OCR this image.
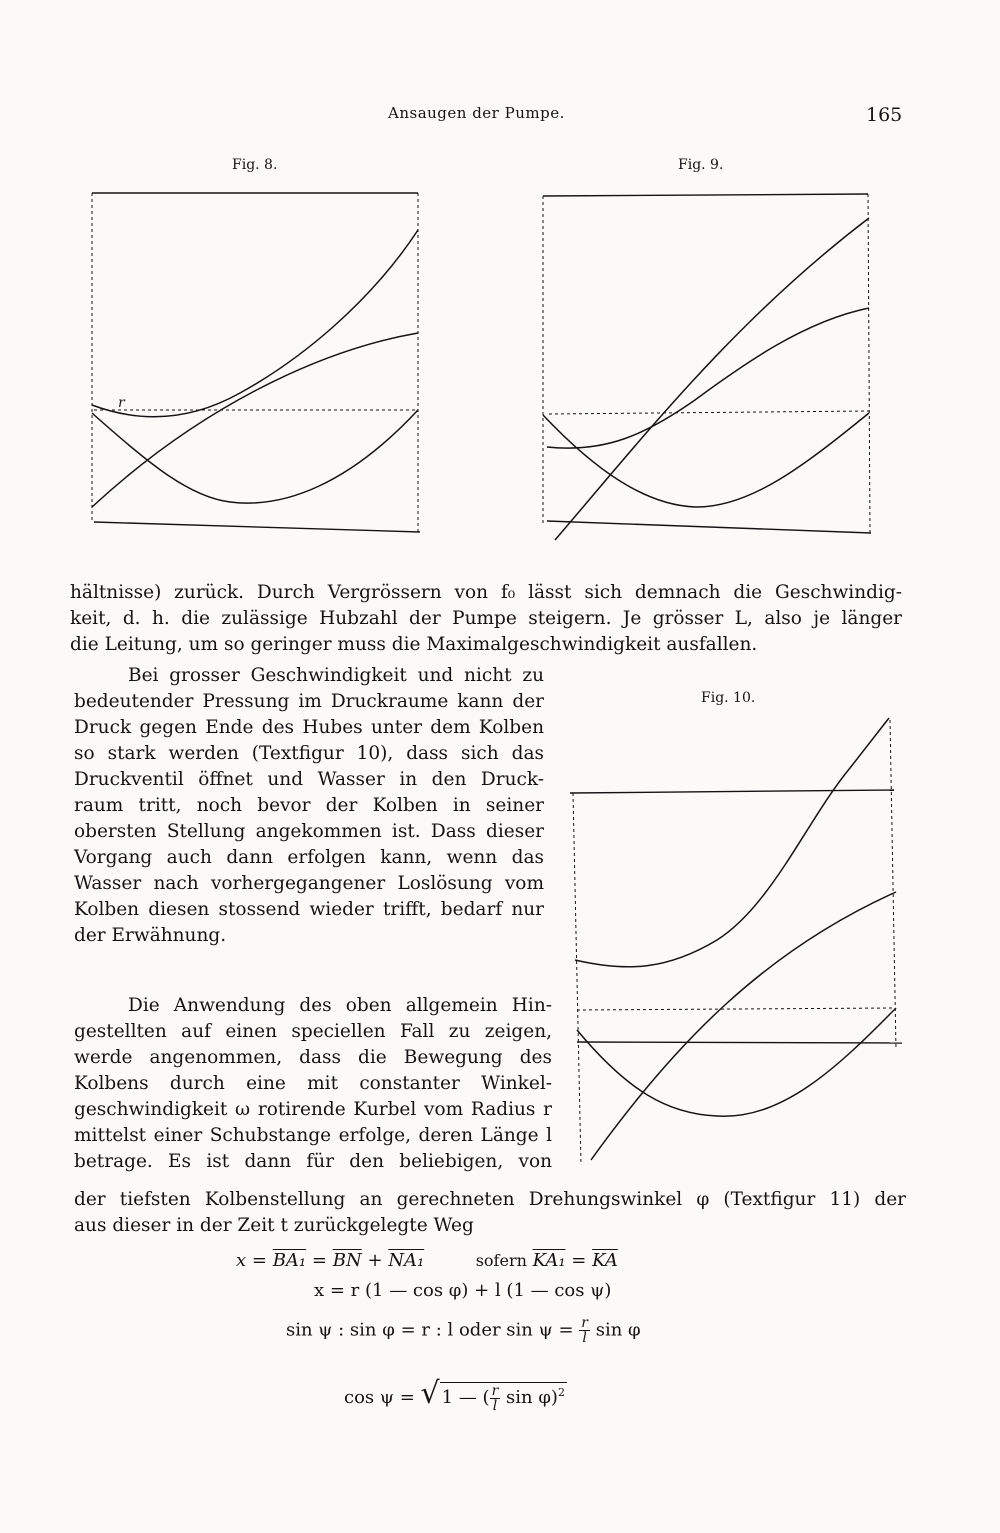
Ansaugen der Pumpe.	165
Fig. 8.	Fig. 9.
Fig. 10.
r
hältnisse) zurück. Durch Vergrössern von f₀ lässt sich demnach die Geschwindig-
keit, d. h. die zulässige Hubzahl der Pumpe steigern. Je grösser L, also je länger
die Leitung, um so geringer muss die Maximalgeschwindigkeit ausfallen.
Bei grosser Geschwindigkeit und nicht zu
bedeutender Pressung im Druckraume kann der
Druck gegen Ende des Hubes unter dem Kolben
so stark werden (Textfigur 10), dass sich das
Druckventil öffnet und Wasser in den Druck-
raum tritt, noch bevor der Kolben in seiner
obersten Stellung angekommen ist. Dass dieser
Vorgang auch dann erfolgen kann, wenn das
Wasser nach vorhergegangener Loslösung vom
Kolben diesen stossend wieder trifft, bedarf nur
der Erwähnung.
Die Anwendung des oben allgemein Hin-
gestellten auf einen speciellen Fall zu zeigen,
werde angenommen, dass die Bewegung des
Kolbens durch eine mit constanter Winkel-
geschwindigkeit ω rotirende Kurbel vom Radius r
mittelst einer Schubstange erfolge, deren Länge l
betrage. Es ist dann für den beliebigen, von
der tiefsten Kolbenstellung an gerechneten Drehungswinkel φ (Textfigur 11) der
aus dieser in der Zeit t zurückgelegte Weg
$x = BA_1 = \overline{BN} + NA_1$	sofern $KA_1 = \overline{KA}$
x = r (1 — cos φ) + l (1 — cos ψ)
sin ψ : sin φ = r : l oder $\sin \psi = \frac{r}{l}$ sin φ
cos ψ = √ 1 — ( $\frac{r}{l}$ sin φ)$^2$
